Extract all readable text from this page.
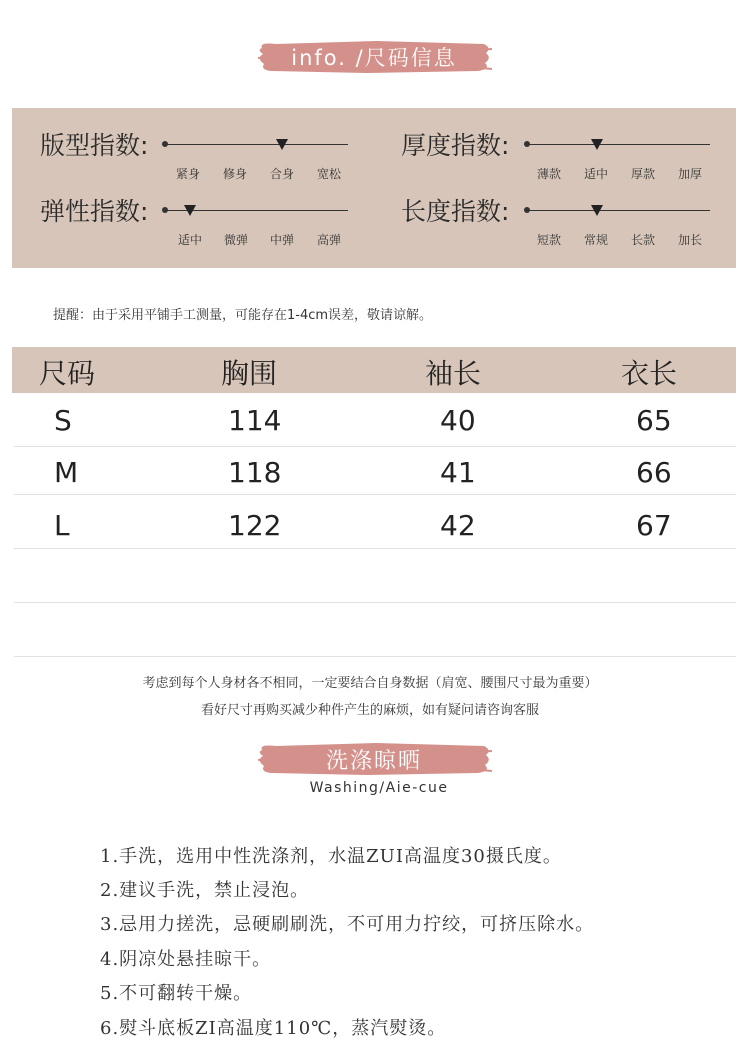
info. /尺码信息
版型指数:
紧身	修身	合身	宽松
厚度指数:
薄款	适中	厚款	加厚
弹性指数:
适中	微弹	中弹	高弹
长度指数:
短款	常规	长款	加长
提醒：由于采用平铺手工测量，可能存在1-4cm误差，敬请谅解。
尺码	胸围	袖长	衣长
S	114	40	65
M	118	41	66
L	122	42	67
考虑到每个人身材各不相同，一定要结合自身数据（肩宽、腰围尺寸最为重要）
看好尺寸再购买减少种件产生的麻烦，如有疑问请咨询客服
洗涤晾晒
Washing/Aie-cue
1.手洗，选用中性洗涤剂，水温ZUI高温度30摄氏度。
2.建议手洗，禁止浸泡。
3.忌用力搓洗，忌硬刷刷洗，不可用力拧绞，可挤压除水。
4.阴凉处悬挂晾干。
5.不可翻转干燥。
6.熨斗底板ZI高温度110℃，蒸汽熨烫。
